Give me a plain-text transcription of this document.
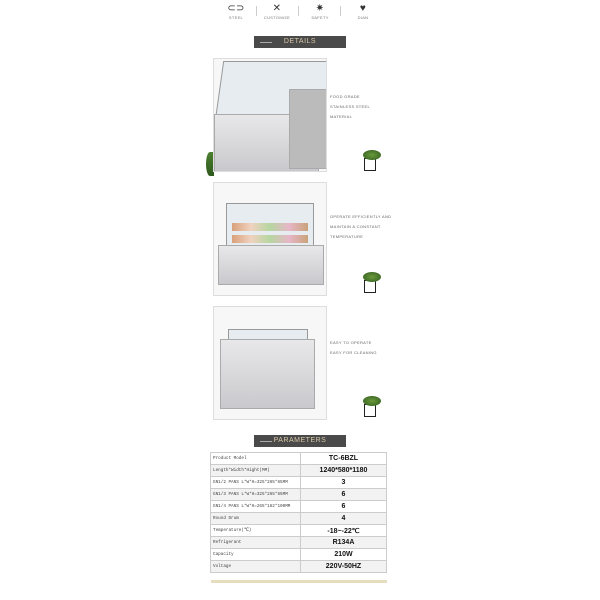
⊂⊃
STEEL
✕
CUSTOMIZE
✷
SAFETY
♥
DIAN
DETAILS
FOOD GRADE
STAINLESS STEEL
MATERIAL
OPERATE EFFICIENTLY AND
MAINTAIN A CONSTANT
TEMPERATURE
EASY TO OPERATE
EASY FOR CLEANING
PARAMETERS
Product Model	TC-6BZL
Length*Width*Hight(MM)	1240*580*1180
GN1/2 PANS L*W*H=325*265*65MM	3
GN1/3 PANS L*W*H=325*265*65MM	6
GN1/4 PANS L*W*H=265*162*100MM	6
Round Drum	4
Temperature(℃)	-18~-22℃
Refrigerant	R134A
Capacity	210W
Voltage	220V-50HZ
